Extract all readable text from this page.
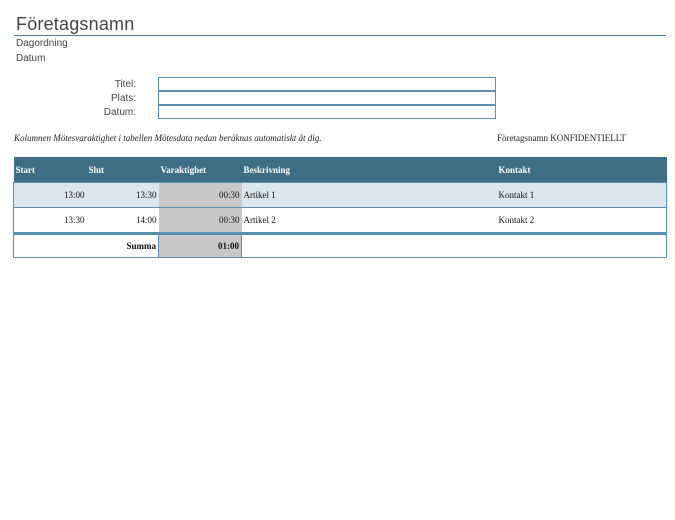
Företagsnamn
Dagordning
Datum
Titel:
Plats:
Datum:
Kolumnen Mötesvaraktighet i tabellen Mötesdata nedan beräknas automatiskt åt dig.	Företagsnamn KONFIDENTIELLT
Start	Slut	Varaktighet	Beskrivning	Kontakt
13:00	13:30	00:30	Artikel 1	Kontakt 1
13:30	14:00	00:30	Artikel 2	Kontakt 2
	Summa	01:00		
